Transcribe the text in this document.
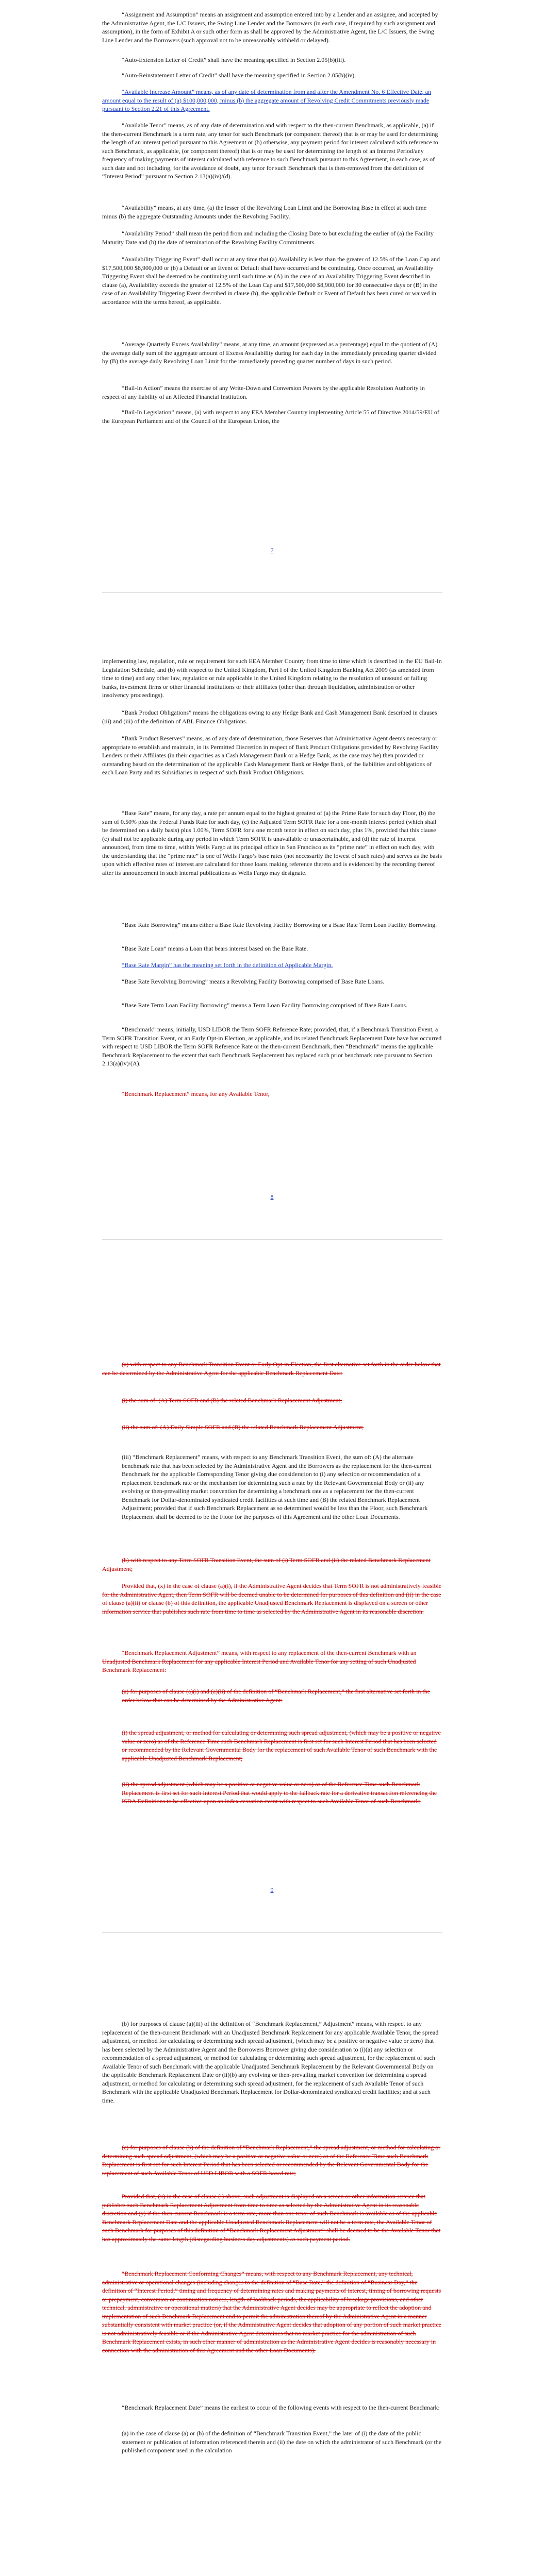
“Assignment and Assumption” means an assignment and assumption entered into by a Lender and an assignee, and accepted by the Administrative Agent, the L/C Issuers, the Swing Line Lender and the Borrowers (in each case, if required by such assignment and assumption), in the form of Exhibit A or such other form as shall be approved by the Administrative Agent, the L/C Issuers, the Swing Line Lender and the Borrowers (such approval not to be unreasonably withheld or delayed).

“Auto-Extension Letter of Credit” shall have the meaning specified in Section 2.05(b)(iii).

“Auto-Reinstatement Letter of Credit” shall have the meaning specified in Section 2.05(b)(iv).

“Available Increase Amount” means, as of any date of determination from and after the Amendment No. 6 Effective Date, an amount equal to the result of (a) $100,000,000, minus (b) the aggregate amount of Revolving Credit Commitments previously made pursuant to Section 2.21 of this Agreement.

“Available Tenor” means, as of any date of determination and with respect to the then-current Benchmark, as applicable, (a) if the then-current Benchmark is a term rate, any tenor for such Benchmark (or component thereof) that is or may be used for determining the length of an interest period pursuant to this Agreement or (b) otherwise, any payment period for interest calculated with reference to such Benchmark, as applicable, (or component thereof) that is or may be used for determining the length of an Interest Period/any frequency of making payments of interest calculated with reference to such Benchmark pursuant to this Agreement, in each case, as of such date and not including, for the avoidance of doubt, any tenor for such Benchmark that is then-removed from the definition of “Interest Period” pursuant to Section 2.13(a)(iv)/(d).

“Availability” means, at any time, (a) the lesser of the Revolving Loan Limit and the Borrowing Base in effect at such time minus (b) the aggregate Outstanding Amounts under the Revolving Facility.

“Availability Period” shall mean the period from and including the Closing Date to but excluding the earlier of (a) the Facility Maturity Date and (b) the date of termination of the Revolving Facility Commitments.

“Availability Triggering Event” shall occur at any time that (a) Availability is less than the greater of 12.5% of the Loan Cap and $17,500,000 $8,900,000 or (b) a Default or an Event of Default shall have occurred and be continuing. Once occurred, an Availability Triggering Event shall be deemed to be continuing until such time as (A) in the case of an Availability Triggering Event described in clause (a), Availability exceeds the greater of 12.5% of the Loan Cap and $17,500,000 $8,900,000 for 30 consecutive days or (B) in the case of an Availability Triggering Event described in clause (b), the applicable Default or Event of Default has been cured or waived in accordance with the terms hereof, as applicable.

“Average Quarterly Excess Availability” means, at any time, an amount (expressed as a percentage) equal to the quotient of (A) the average daily sum of the aggregate amount of Excess Availability during for each day in the immediately preceding quarter divided by (B) the average daily Revolving Loan Limit for the immediately preceding quarter number of days in such period.

“Bail-In Action” means the exercise of any Write-Down and Conversion Powers by the applicable Resolution Authority in respect of any liability of an Affected Financial Institution.

“Bail-In Legislation” means, (a) with respect to any EEA Member Country implementing Article 55 of Directive 2014/59/EU of the European Parliament and of the Council of the European Union, the

7

implementing law, regulation, rule or requirement for such EEA Member Country from time to time which is described in the EU Bail-In Legislation Schedule, and (b) with respect to the United Kingdom, Part I of the United Kingdom Banking Act 2009 (as amended from time to time) and any other law, regulation or rule applicable in the United Kingdom relating to the resolution of unsound or failing banks, investment firms or other financial institutions or their affiliates (other than through liquidation, administration or other insolvency proceedings).

“Bank Product Obligations” means the obligations owing to any Hedge Bank and Cash Management Bank described in clauses (iii) and (iii) of the definition of ABL Finance Obligations.

“Bank Product Reserves” means, as of any date of determination, those Reserves that Administrative Agent deems necessary or appropriate to establish and maintain, in its Permitted Discretion in respect of Bank Product Obligations provided by Revolving Facility Lenders or their Affiliates (in their capacities as a Cash Management Bank or a Hedge Bank, as the case may be) then provided or outstanding based on the determination of the applicable Cash Management Bank or Hedge Bank, of the liabilities and obligations of each Loan Party and its Subsidiaries in respect of such Bank Product Obligations.

“Base Rate” means, for any day, a rate per annum equal to the highest greatest of (a) the Prime Rate for such day Floor, (b) the sum of 0.50% plus the Federal Funds Rate for such day, (c) the Adjusted Term SOFR Rate for a one-month interest period (which shall be determined on a daily basis) plus 1.00%, Term SOFR for a one month tenor in effect on such day, plus 1%, provided that this clause (c) shall not be applicable during any period in which Term SOFR is unavailable or unascertainable, and (d) the rate of interest announced, from time to time, within Wells Fargo at its principal office in San Francisco as its “prime rate” in effect on such day, with the understanding that the “prime rate” is one of Wells Fargo’s base rates (not necessarily the lowest of such rates) and serves as the basis upon which effective rates of interest are calculated for those loans making reference thereto and is evidenced by the recording thereof after its announcement in such internal publications as Wells Fargo may designate.

“Base Rate Borrowing” means either a Base Rate Revolving Facility Borrowing or a Base Rate Term Loan Facility Borrowing.

“Base Rate Loan” means a Loan that bears interest based on the Base Rate.

“Base Rate Margin” has the meaning set forth in the definition of Applicable Margin.

“Base Rate Revolving Borrowing” means a Revolving Facility Borrowing comprised of Base Rate Loans.

“Base Rate Term Loan Facility Borrowing” means a Term Loan Facility Borrowing comprised of Base Rate Loans.

“Benchmark” means, initially, USD LIBOR the Term SOFR Reference Rate; provided, that, if a Benchmark Transition Event, a Term SOFR Transition Event, or an Early Opt-in Election, as applicable, and its related Benchmark Replacement Date have has occurred with respect to USD LIBOR the Term SOFR Reference Rate or the then-current Benchmark, then “Benchmark” means the applicable Benchmark Replacement to the extent that such Benchmark Replacement has replaced such prior benchmark rate pursuant to Section 2.13(a)(iv)/(A).

“Benchmark Replacement” means, for any Available Tenor,

8

(a) with respect to any Benchmark Transition Event or Early Opt-in Election, the first alternative set forth in the order below that can be determined by the Administrative Agent for the applicable Benchmark Replacement Date:

(i) the sum of: (A) Term SOFR and (B) the related Benchmark Replacement Adjustment;

(ii) the sum of: (A) Daily Simple SOFR and (B) the related Benchmark Replacement Adjustment;

(iii) “Benchmark Replacement” means, with respect to any Benchmark Transition Event, the sum of: (A) the alternate benchmark rate that has been selected by the Administrative Agent and the Borrowers as the replacement for the then-current Benchmark for the applicable Corresponding Tenor giving due consideration to (i) any selection or recommendation of a replacement benchmark rate or the mechanism for determining such a rate by the Relevant Governmental Body or (ii) any evolving or then-prevailing market convention for determining a benchmark rate as a replacement for the then-current Benchmark for Dollar-denominated syndicated credit facilities at such time and (B) the related Benchmark Replacement Adjustment; provided that if such Benchmark Replacement as so determined would be less than the Floor, such Benchmark Replacement shall be deemed to be the Floor for the purposes of this Agreement and the other Loan Documents.

(b) with respect to any Term SOFR Transition Event, the sum of (i) Term SOFR and (ii) the related Benchmark Replacement Adjustment;

Provided that, (x) in the case of clause (a)(i), if the Administrative Agent decides that Term SOFR is not administratively feasible for the Administrative Agent, then Term SOFR will be deemed unable to be determined for purposes of this definition and (ii) in the case of clause (a)(ii) or clause (b) of this definition, the applicable Unadjusted Benchmark Replacement is displayed on a screen or other information service that publishes such rate from time to time as selected by the Administrative Agent in its reasonable discretion.

“Benchmark Replacement Adjustment” means, with respect to any replacement of the then-current Benchmark with an Unadjusted Benchmark Replacement for any applicable Interest Period and Available Tenor for any setting of such Unadjusted Benchmark Replacement:

(a) for purposes of clause (a)(i) and (a)(ii) of the definition of “Benchmark Replacement,” the first alternative set forth in the order below that can be determined by the Administrative Agent:

(i) the spread adjustment, or method for calculating or determining such spread adjustment, (which may be a positive or negative value or zero) as of the Reference Time such Benchmark Replacement is first set for such Interest Period that has been selected or recommended by the Relevant Governmental Body for the replacement of such Available Tenor of such Benchmark with the applicable Unadjusted Benchmark Replacement;

(ii) the spread adjustment (which may be a positive or negative value or zero) as of the Reference Time such Benchmark Replacement is first set for such Interest Period that would apply to the fallback rate for a derivative transaction referencing the ISDA Definitions to be effective upon an index cessation event with respect to such Available Tenor of such Benchmark;

9

(b) for purposes of clause (a)(iii) of the definition of “Benchmark Replacement,” Adjustment” means, with respect to any replacement of the then-current Benchmark with an Unadjusted Benchmark Replacement for any applicable Available Tenor, the spread adjustment, or method for calculating or determining such spread adjustment, (which may be a positive or negative value or zero) that has been selected by the Administrative Agent and the Borrowers Borrower giving due consideration to (i)(a) any selection or recommendation of a spread adjustment, or method for calculating or determining such spread adjustment, for the replacement of such Available Tenor of such Benchmark with the applicable Unadjusted Benchmark Replacement by the Relevant Governmental Body on the applicable Benchmark Replacement Date or (ii)(b) any evolving or then-prevailing market convention for determining a spread adjustment, or method for calculating or determining such spread adjustment, for the replacement of such Available Tenor of such Benchmark with the applicable Unadjusted Benchmark Replacement for Dollar-denominated syndicated credit facilities; and at such time.

(c) for purposes of clause (b) of the definition of “Benchmark Replacement,” the spread adjustment, or method for calculating or determining such spread adjustment, (which may be a positive or negative value or zero) as of the Reference Time such Benchmark Replacement is first set for such Interest Period that has been selected or recommended by the Relevant Governmental Body for the replacement of such Available Tenor of USD LIBOR with a SOFR-based rate;

Provided that, (x) in the case of clause (i) above, such adjustment is displayed on a screen or other information service that publishes such Benchmark Replacement Adjustment from time to time as selected by the Administrative Agent in its reasonable discretion and (y) if the then-current Benchmark is a term rate, more than one tenor of such Benchmark is available as of the applicable Benchmark Replacement Date and the applicable Unadjusted Benchmark Replacement will not be a term rate, the Available Tenor of such Benchmark for purposes of this definition of “Benchmark Replacement Adjustment” shall be deemed to be the Available Tenor that has approximately the same length (disregarding business day adjustments) as such payment period.

“Benchmark Replacement Conforming Changes” means, with respect to any Benchmark Replacement, any technical, administrative or operational changes (including changes to the definition of “Base Rate,” the definition of “Business Day,” the definition of “Interest Period,” timing and frequency of determining rates and making payments of interest, timing of borrowing requests or prepayment, conversion or continuation notices, length of lookback periods, the applicability of breakage provisions, and other technical, administrative or operational matters) that the Administrative Agent decides may be appropriate to reflect the adoption and implementation of such Benchmark Replacement and to permit the administration thereof by the Administrative Agent in a manner substantially consistent with market practice (or, if the Administrative Agent decides that adoption of any portion of such market practice is not administratively feasible or if the Administrative Agent determines that no market practice for the administration of such Benchmark Replacement exists, in such other manner of administration as the Administrative Agent decides is reasonably necessary in connection with the administration of this Agreement and the other Loan Documents).

“Benchmark Replacement Date” means the earliest to occur of the following events with respect to the then-current Benchmark:

(a) in the case of clause (a) or (b) of the definition of “Benchmark Transition Event,” the later of (i) the date of the public statement or publication of information referenced therein and (ii) the date on which the administrator of such Benchmark (or the published component used in the calculation
